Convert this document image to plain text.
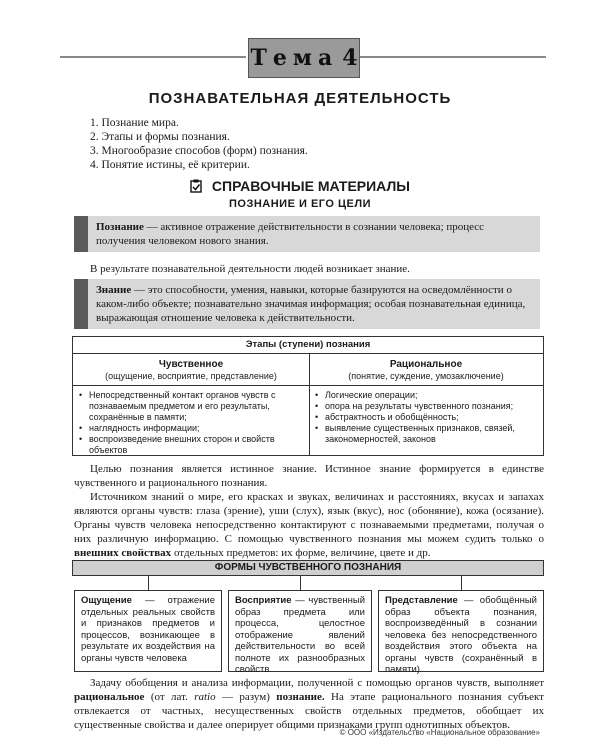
Тема 4
ПОЗНАВАТЕЛЬНАЯ ДЕЯТЕЛЬНОСТЬ
1. Познание мира.
2. Этапы и формы познания.
3. Многообразие способов (форм) познания.
4. Понятие истины, её критерии.
СПРАВОЧНЫЕ МАТЕРИАЛЫ
ПОЗНАНИЕ И ЕГО ЦЕЛИ
Познание — активное отражение действительности в сознании человека; процесс получения человеком нового знания.
В результате познавательной деятельности людей возникает знание.
Знание — это способности, умения, навыки, которые базируются на осведомлённости о каком-либо объекте; познавательно значимая информация; особая познавательная единица, выражающая отношение человека к действительности.
Этапы (ступени) познания
Чувственное
(ощущение, восприятие, представление)
• Непосредственный контакт органов чувств с познаваемым предметом и его результаты, сохранённые в памяти;
• наглядность информации;
• воспроизведение внешних сторон и свойств объектов
Рациональное
(понятие, суждение, умозаключение)
• Логические операции;
• опора на результаты чувственного познания;
• абстрактность и обобщённость;
• выявление существенных признаков, связей, закономерностей, законов
Целью познания является истинное знание. Истинное знание формируется в единстве чувственного и рационального познания.
Источником знаний о мире, его красках и звуках, величинах и расстояниях, вкусах и запахах являются органы чувств: глаза (зрение), уши (слух), язык (вкус), нос (обоняние), кожа (осязание). Органы чувств человека непосредственно контактируют с познаваемыми предметами, получая о них различную информацию. С помощью чувственного познания мы можем судить только о внешних свойствах отдельных предметов: их форме, величине, цвете и др.
ФОРМЫ ЧУВСТВЕННОГО ПОЗНАНИЯ
Ощущение — отражение отдельных реальных свойств и признаков предметов и процессов, возникающее в результате их воздействия на органы чувств человека
Восприятие — чувственный образ предмета или процесса, целостное отображение явлений действительности во всей полноте их разнообразных свойств
Представление — обобщённый образ объекта познания, воспроизведённый в сознании человека без непосредственного воздействия этого объекта на органы чувств (сохранённый в памяти)
Задачу обобщения и анализа информации, полученной с помощью органов чувств, выполняет рациональное (от лат. ratio — разум) познание. На этапе рационального познания субъект отвлекается от частных, несущественных свойств отдельных предметов, обобщает их существенные свойства и далее оперирует общими признаками групп однотипных объектов.
© ООО «Издательство «Национальное образование»
